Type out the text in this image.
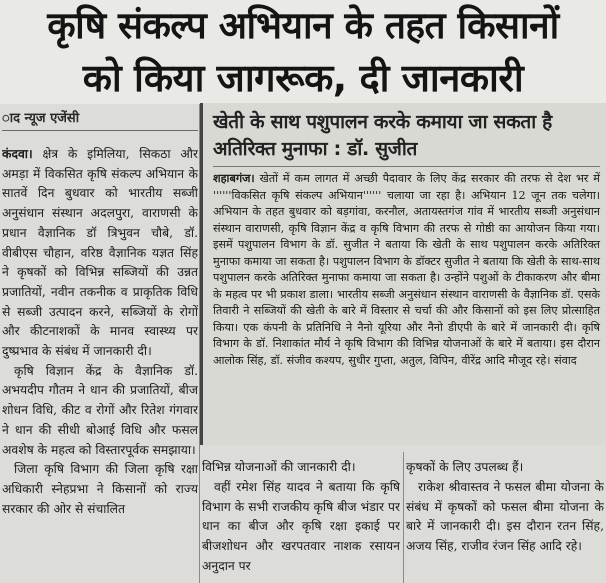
कृषि संकल्प अभियान के तहत किसानों
को किया जागरूक, दी जानकारी
ाद न्यूज एजेंसी

कंदवा। क्षेत्र के इमिलिया, सिकठा और अमड़ा में विकसित कृषि संकल्प अभियान के सातवें दिन बुधवार को भारतीय सब्जी अनुसंधान संस्थान अदलपुरा, वाराणसी के प्रधान वैज्ञानिक डॉ त्रिभुवन चौबे, डॉ. वीबीएस चौहान, वरिष्ठ वैज्ञानिक यज्ञत सिंह ने कृषकों को विभिन्न सब्जियों की उन्नत प्रजातियों, नवीन तकनीक व प्राकृतिक विधि से सब्जी उत्पादन करने, सब्जियों के रोगों और कीटनाशकों के मानव स्वास्थ्य पर दुष्प्रभाव के संबंध में जानकारी दी।

कृषि विज्ञान केंद्र के वैज्ञानिक डॉ. अभयदीप गौतम ने धान की प्रजातियों, बीज शोधन विधि, कीट व रोगों और रितेश गंगवार ने धान की सीधी बोआई विधि और फसल अवशेष के महत्व को विस्तारपूर्वक समझाया।

जिला कृषि विभाग की जिला कृषि रक्षा अधिकारी स्नेहप्रभा ने किसानों को राज्य सरकार की ओर से संचालित

खेती के साथ पशुपालन करके कमाया जा सकता है अतिरिक्त मुनाफा : डॉ. सुजीत

शहाबगंज। खेतों में कम लागत में अच्छी पैदावार के लिए केंद्र सरकार की तरफ से देश भर में ''''''विकसित कृषि संकल्प अभियान'''''' चलाया जा रहा है। अभियान 12 जून तक चलेगा। अभियान के तहत बुधवार को बड़गांवा, करनौल, अतायस्तगंज गांव में भारतीय सब्जी अनुसंधान संस्थान वाराणसी, कृषि विज्ञान केंद्र व कृषि विभाग की तरफ से गोष्ठी का आयोजन किया गया। इसमें पशुपालन विभाग के डॉ. सुजीत ने बताया कि खेती के साथ पशुपालन करके अतिरिक्त मुनाफा कमाया जा सकता है। पशुपालन विभाग के डॉक्टर सुजीत ने बताया कि खेती के साथ-साथ पशुपालन करके अतिरिक्त मुनाफा कमाया जा सकता है। उन्होंने पशुओं के टीकाकरण और बीमा के महत्व पर भी प्रकाश डाला। भारतीय सब्जी अनुसंधान संस्थान वाराणसी के वैज्ञानिक डॉ. एसके तिवारी ने सब्जियों की खेती के बारे में विस्तार से चर्चा की और किसानों को इस लिए प्रोत्साहित किया। एक कंपनी के प्रतिनिधि ने नैनो यूरिया और नैनो डीएपी के बारे में जानकारी दी। कृषि विभाग के डॉ. निशाकांत मौर्य ने कृषि विभाग की विभिन्न योजनाओं के बारे में बताया। इस दौरान आलोक सिंह, डॉ. संजीव कश्यप, सुधीर गुप्ता, अतुल, विपिन, वीरेंद्र आदि मौजूद रहे। संवाद

विभिन्न योजनाओं की जानकारी दी।

वहीं रमेश सिंह यादव ने बताया कि कृषि विभाग के सभी राजकीय कृषि बीज भंडार पर धान का बीज और कृषि रक्षा इकाई पर बीजशोधन और खरपतवार नाशक रसायन अनुदान पर

कृषकों के लिए उपलब्ध हैं।

राकेश श्रीवास्तव ने फसल बीमा योजना के संबंध में कृषकों को फसल बीमा योजना के बारे में जानकारी दी। इस दौरान रतन सिंह, अजय सिंह, राजीव रंजन सिंह आदि रहे।
